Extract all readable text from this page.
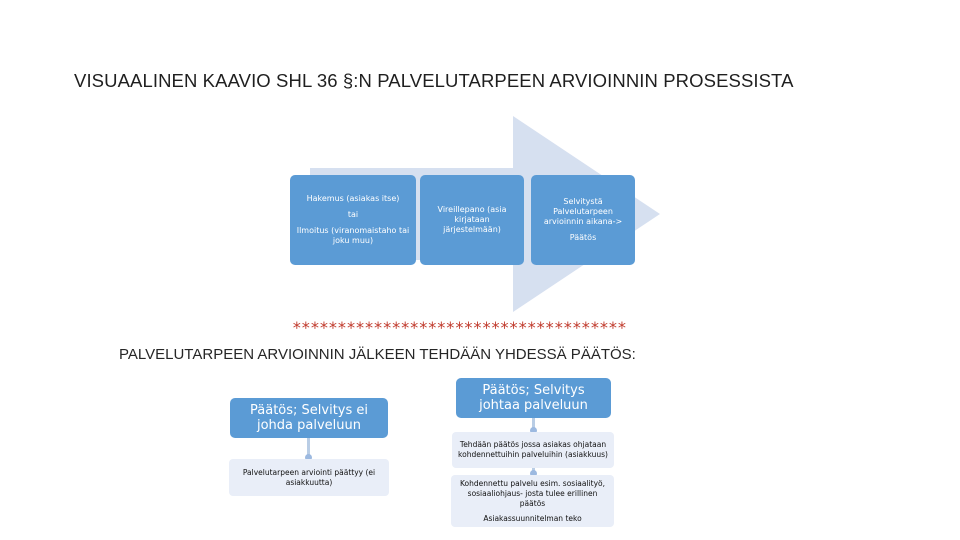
VISUAALINEN KAAVIO SHL 36 §:N PALVELUTARPEEN ARVIOINNIN PROSESSISTA
Hakemus (asiakas itse)
tai
Ilmoitus (viranomaistaho tai joku muu)
Vireillepano (asia kirjataan järjestelmään)
Selvitystä Palvelutarpeen arvioinnin aikana->
Päätös
*************************************
PALVELUTARPEEN ARVIOINNIN JÄLKEEN TEHDÄÄN YHDESSÄ PÄÄTÖS:
Päätös; Selvitys ei johda palveluun
Palvelutarpeen arviointi päättyy (ei asiakkuutta)
Päätös; Selvitys johtaa palveluun
Tehdään päätös jossa asiakas ohjataan kohdennettuihin palveluihin (asiakkuus)
Kohdennettu palvelu esim. sosiaalityö, sosiaaliohjaus- josta tulee erillinen päätös
Asiakassuunnitelman teko
